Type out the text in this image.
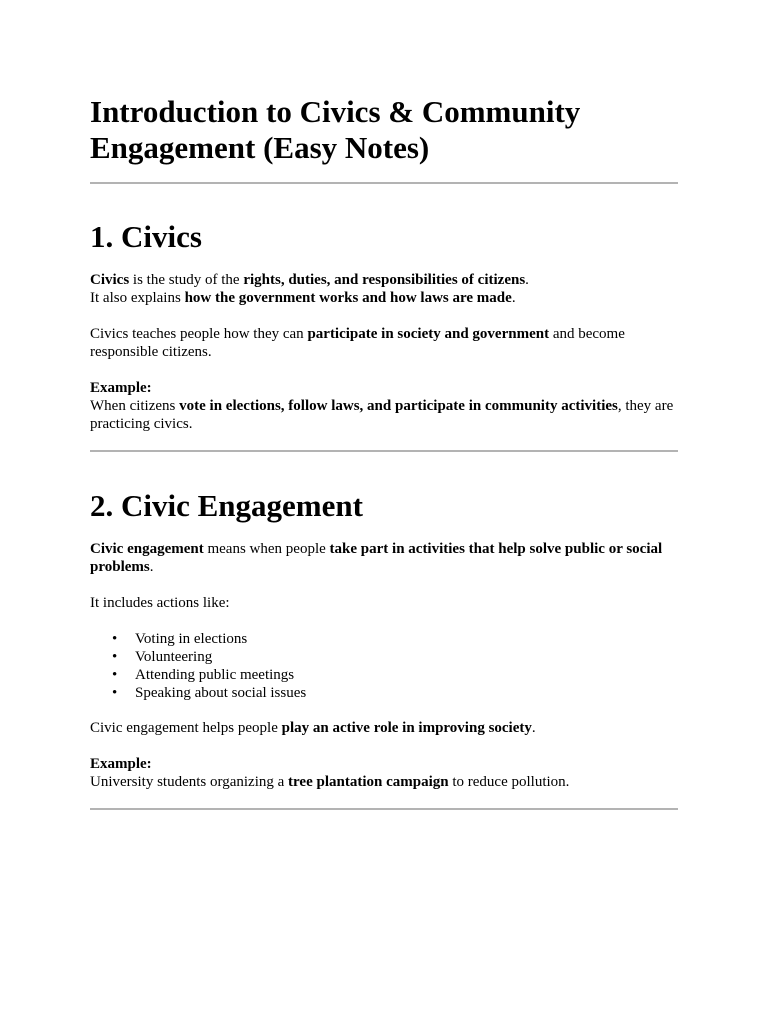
Introduction to Civics & Community Engagement (Easy Notes)
1. Civics

Civics is the study of the rights, duties, and responsibilities of citizens.
It also explains how the government works and how laws are made.

Civics teaches people how they can participate in society and government and become responsible citizens.

Example:
When citizens vote in elections, follow laws, and participate in community activities, they are practicing civics.

2. Civic Engagement

Civic engagement means when people take part in activities that help solve public or social problems.

It includes actions like:

• Voting in elections
• Volunteering
• Attending public meetings
• Speaking about social issues

Civic engagement helps people play an active role in improving society.

Example:
University students organizing a tree plantation campaign to reduce pollution.
